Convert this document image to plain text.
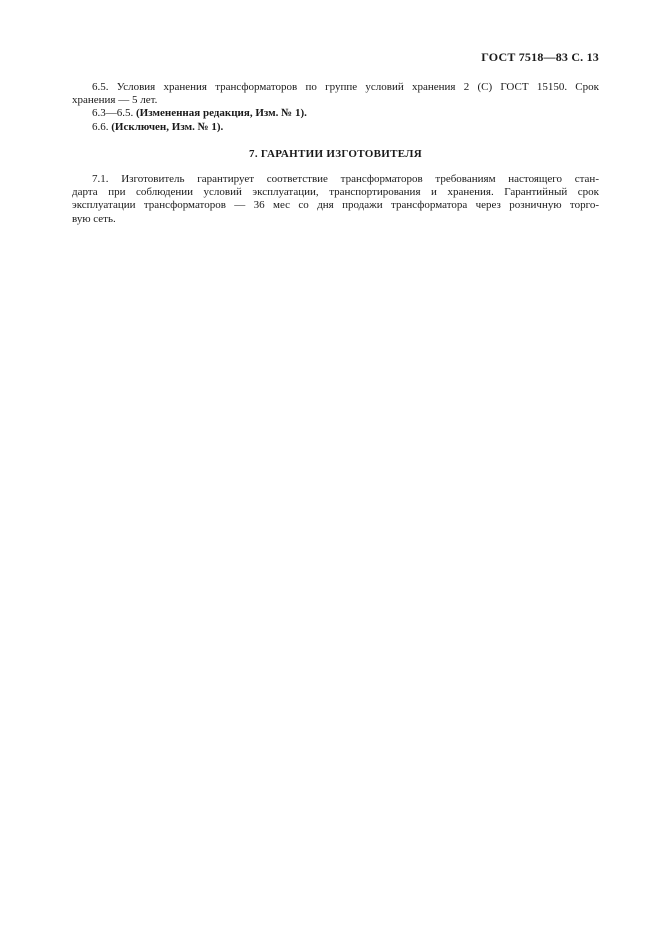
ГОСТ 7518—83 С. 13

6.5. Условия хранения трансформаторов по группе условий хранения 2 (С) ГОСТ 15150. Срок

хранения — 5 лет.

6.3—6.5. (Измененная редакция, Изм. № 1).

6.6. (Исключен, Изм. № 1).

7. ГАРАНТИИ ИЗГОТОВИТЕЛЯ

7.1. Изготовитель гарантирует соответствие трансформаторов требованиям настоящего стан-

дарта при соблюдении условий эксплуатации, транспортирования и хранения. Гарантийный срок

эксплуатации трансформаторов — 36 мес со дня продажи трансформатора через розничную торго-

вую сеть.
